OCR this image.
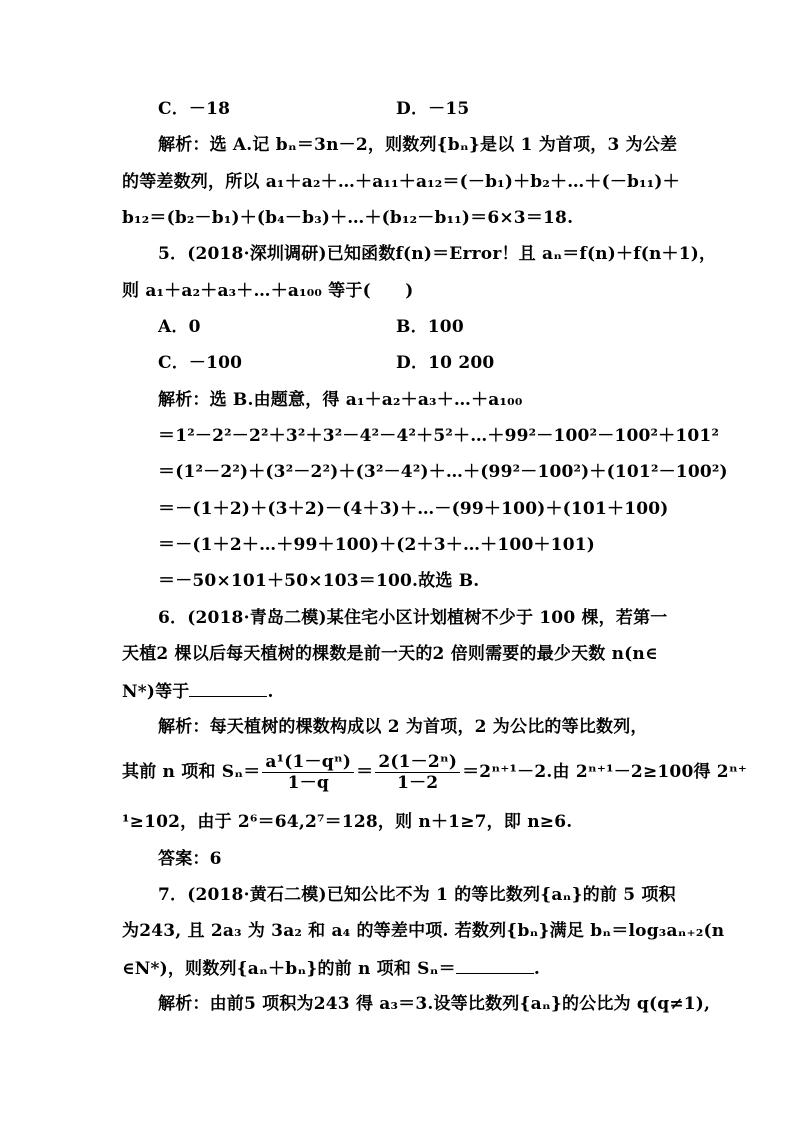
C．－18	D．－15
解析：选 A.记 bₙ＝3n－2，则数列{bₙ}是以 1 为首项，3 为公差
的等差数列，所以 a₁＋a₂＋…＋a₁₁＋a₁₂＝(－b₁)＋b₂＋…＋(－b₁₁)＋
b₁₂＝(b₂－b₁)＋(b₄－b₃)＋…＋(b₁₂－b₁₁)＝6×3＝18.
5．(2018·深圳调研)已知函数f(n)＝Error！且 aₙ＝f(n)＋f(n＋1)，
则 a₁＋a₂＋a₃＋…＋a₁₀₀ 等于(　　)
A．0	B．100
C．－100	D．10 200
解析：选 B.由题意，得 a₁＋a₂＋a₃＋…＋a₁₀₀
＝1²－2²－2²＋3²＋3²－4²－4²＋5²＋…＋99²－100²－100²＋101²
＝(1²－2²)＋(3²－2²)＋(3²－4²)＋…＋(99²－100²)＋(101²－100²)
＝－(1＋2)＋(3＋2)－(4＋3)＋…－(99＋100)＋(101＋100)
＝－(1＋2＋…＋99＋100)＋(2＋3＋…＋100＋101)
＝－50×101＋50×103＝100.故选 B.
6．(2018·青岛二模)某住宅小区计划植树不少于 100 棵，若第一
天植2 棵以后每天植树的棵数是前一天的2 倍则需要的最少天数 n(n∈
N*)等于	.
解析：每天植树的棵数构成以 2 为首项，2 为公比的等比数列，
其前 n 项和 $S_n= \frac{\text{a¹(1－qⁿ)}}{1-q} = \frac{\text{2(1－2ⁿ)}}{1-2} =2^{n+1}-2$.由 2ⁿ⁺¹－2≥100得 2ⁿ⁺
¹≥102，由于 2⁶＝64,2⁷＝128，则 n＋1≥7，即 n≥6.
答案：6
7．(2018·黄石二模)已知公比不为 1 的等比数列{aₙ}的前 5 项积
为243, 且 2a₃ 为 3a₂ 和 a₄ 的等差中项. 若数列{bₙ}满足 bₙ＝log₃aₙ₊₂(n
∈N*)，则数列{aₙ＋bₙ}的前 n 项和 Sₙ＝	.
解析：由前5 项积为243 得 a₃＝3.设等比数列{aₙ}的公比为 q(q≠1),
